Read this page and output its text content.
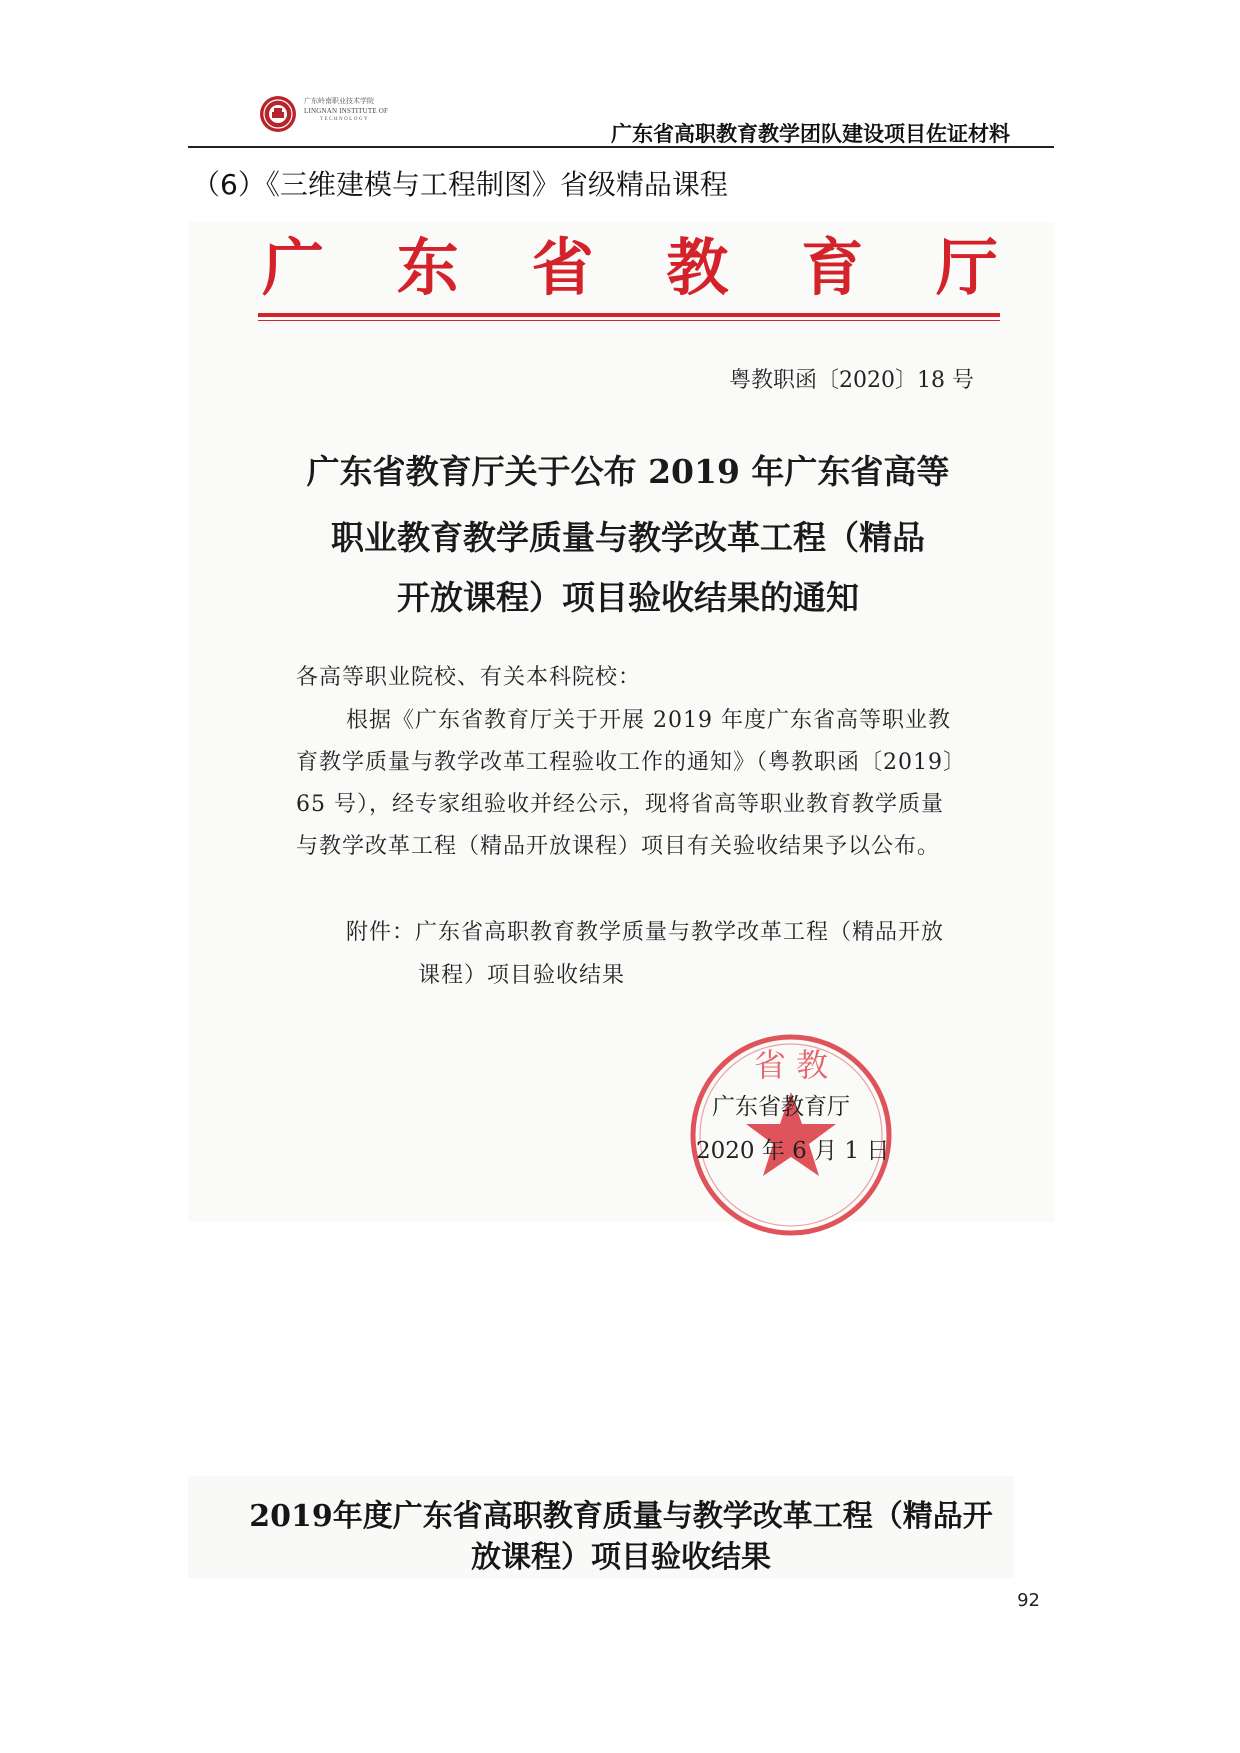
广东岭南职业技术学院
LINGNAN INSTITUTE OF
TECHNOLOGY
广东省高职教育教学团队建设项目佐证材料
（6）《三维建模与工程制图》省级精品课程
广 东 省 教 育 厅
粤教职函〔2020〕18 号
广东省教育厅关于公布 2019 年广东省高等
职业教育教学质量与教学改革工程（精品
开放课程）项目验收结果的通知
各高等职业院校、有关本科院校：
根据《广东省教育厅关于开展 2019 年度广东省高等职业教
育教学质量与教学改革工程验收工作的通知》（粤教职函〔2019〕
65 号），经专家组验收并经公示，现将省高等职业教育教学质量
与教学改革工程（精品开放课程）项目有关验收结果予以公布。
附件：广东省高职教育教学质量与教学改革工程（精品开放
课程）项目验收结果
省 教
广东省教育厅
2020 年 6 月 1 日
2019年度广东省高职教育质量与教学改革工程（精品开
放课程）项目验收结果
92
